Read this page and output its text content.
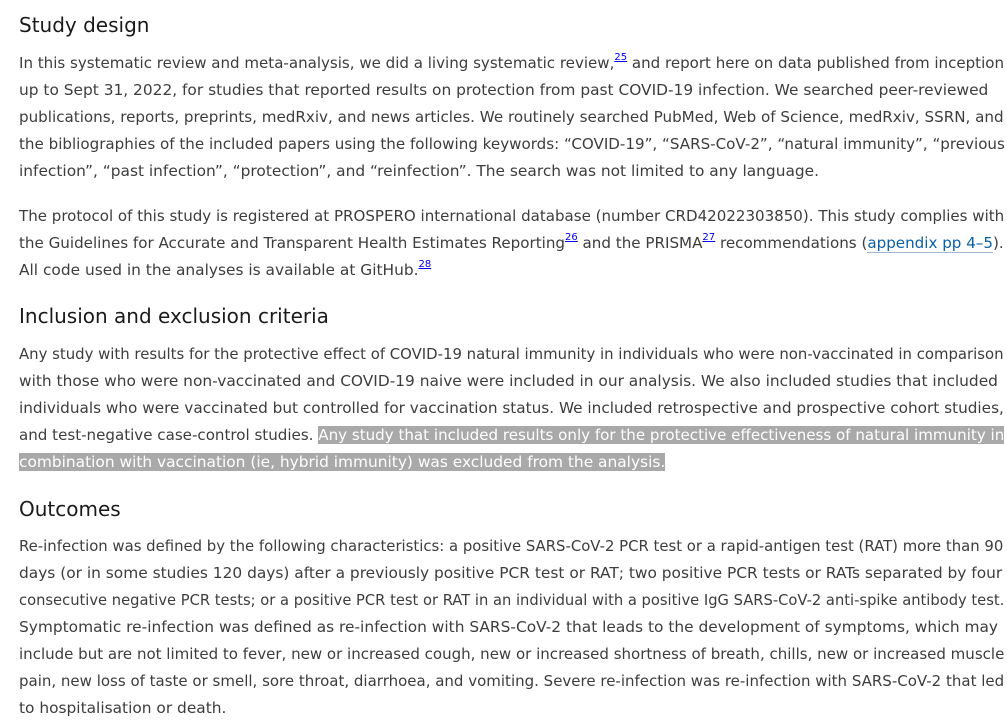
Study design

In this systematic review and meta-analysis, we did a living systematic review,$^{25}$ and report here on data published from inception
up to Sept 31, 2022, for studies that reported results on protection from past COVID-19 infection. We searched peer-reviewed
publications, reports, preprints, medRxiv, and news articles. We routinely searched PubMed, Web of Science, medRxiv, SSRN, and
the bibliographies of the included papers using the following keywords: “COVID-19”, “SARS-CoV-2”, “natural immunity”, “previous
infection”, “past infection”, “protection”, and “reinfection”. The search was not limited to any language.

The protocol of this study is registered at PROSPERO international database (number CRD42022303850). This study complies with
the Guidelines for Accurate and Transparent Health Estimates Reporting$^{26}$ and the PRISMA$^{27}$ recommendations (appendix pp 4–5).
All code used in the analyses is available at GitHub.$^{28}$

Inclusion and exclusion criteria

Any study with results for the protective effect of COVID-19 natural immunity in individuals who were non-vaccinated in comparison
with those who were non-vaccinated and COVID-19 naive were included in our analysis. We also included studies that included
individuals who were vaccinated but controlled for vaccination status. We included retrospective and prospective cohort studies,
and test-negative case-control studies. Any study that included results only for the protective effectiveness of natural immunity in
combination with vaccination (ie, hybrid immunity) was excluded from the analysis.

Outcomes

Re-infection was defined by the following characteristics: a positive SARS-CoV-2 PCR test or a rapid-antigen test (RAT) more than 90
days (or in some studies 120 days) after a previously positive PCR test or RAT; two positive PCR tests or RATs separated by four
consecutive negative PCR tests; or a positive PCR test or RAT in an individual with a positive IgG SARS-CoV-2 anti-spike antibody test.
Symptomatic re-infection was defined as re-infection with SARS-CoV-2 that leads to the development of symptoms, which may
include but are not limited to fever, new or increased cough, new or increased shortness of breath, chills, new or increased muscle
pain, new loss of taste or smell, sore throat, diarrhoea, and vomiting. Severe re-infection was re-infection with SARS-CoV-2 that led
to hospitalisation or death.
